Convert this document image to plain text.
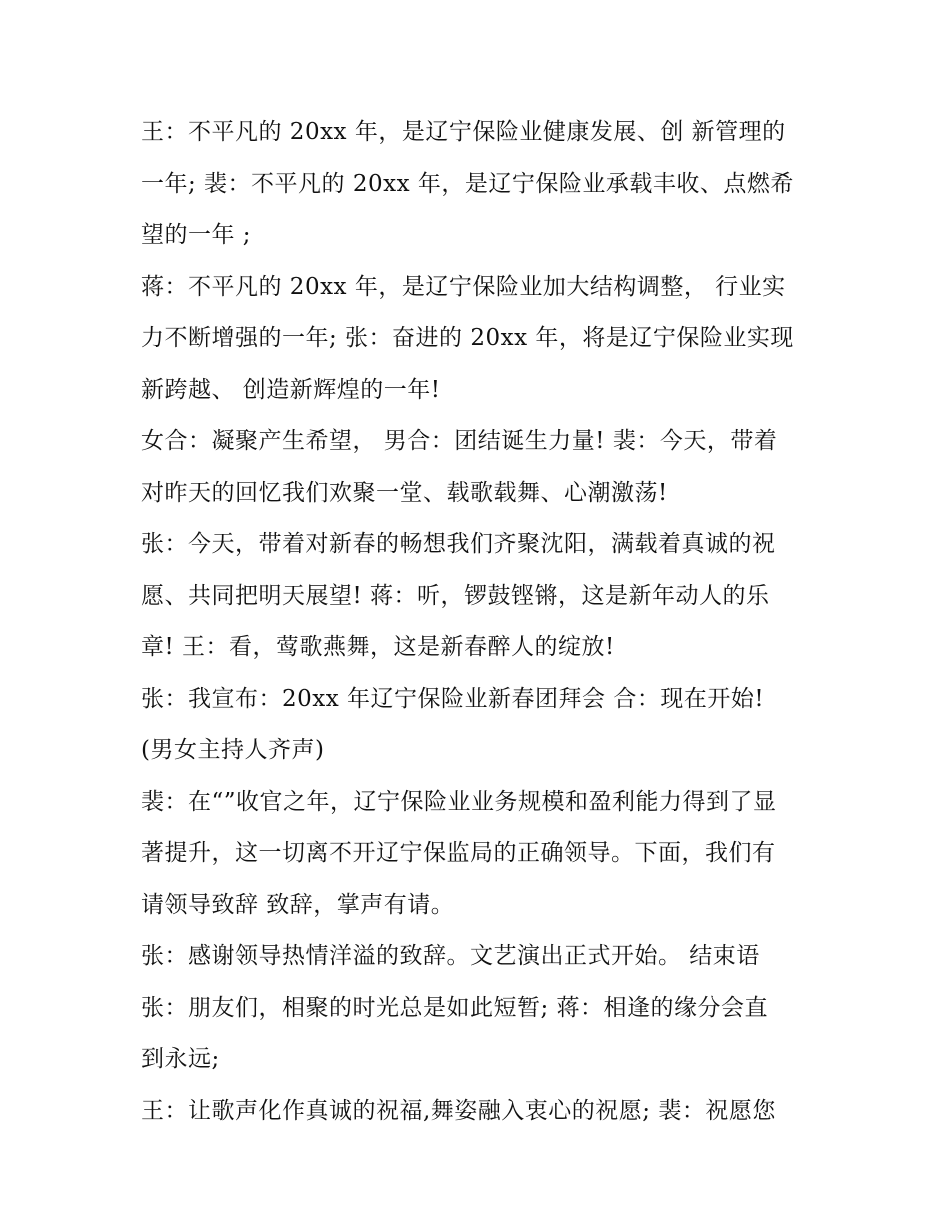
王：不平凡的 20xx 年，是辽宁保险业健康发展、创 新管理的
一年; 裴：不平凡的 20xx 年，是辽宁保险业承载丰收、点燃希
望的一年 ;
蒋：不平凡的 20xx 年，是辽宁保险业加大结构调整， 行业实
力不断增强的一年; 张：奋进的 20xx 年，将是辽宁保险业实现
新跨越、 创造新辉煌的一年!
女合：凝聚产生希望， 男合：团结诞生力量! 裴：今天，带着
对昨天的回忆我们欢聚一堂、载歌载舞、心潮激荡!
张：今天，带着对新春的畅想我们齐聚沈阳，满载着真诚的祝
愿、共同把明天展望! 蒋：听，锣鼓铿锵，这是新年动人的乐
章! 王：看，莺歌燕舞，这是新春醉人的绽放!
张：我宣布：20xx 年辽宁保险业新春团拜会 合：现在开始!
(男女主持人齐声)
裴：在“”收官之年，辽宁保险业业务规模和盈利能力得到了显
著提升，这一切离不开辽宁保监局的正确领导。下面，我们有
请领导致辞 致辞，掌声有请。
张：感谢领导热情洋溢的致辞。文艺演出正式开始。 结束语
张：朋友们，相聚的时光总是如此短暂; 蒋：相逢的缘分会直
到永远;
王：让歌声化作真诚的祝福,舞姿融入衷心的祝愿; 裴：祝愿您
